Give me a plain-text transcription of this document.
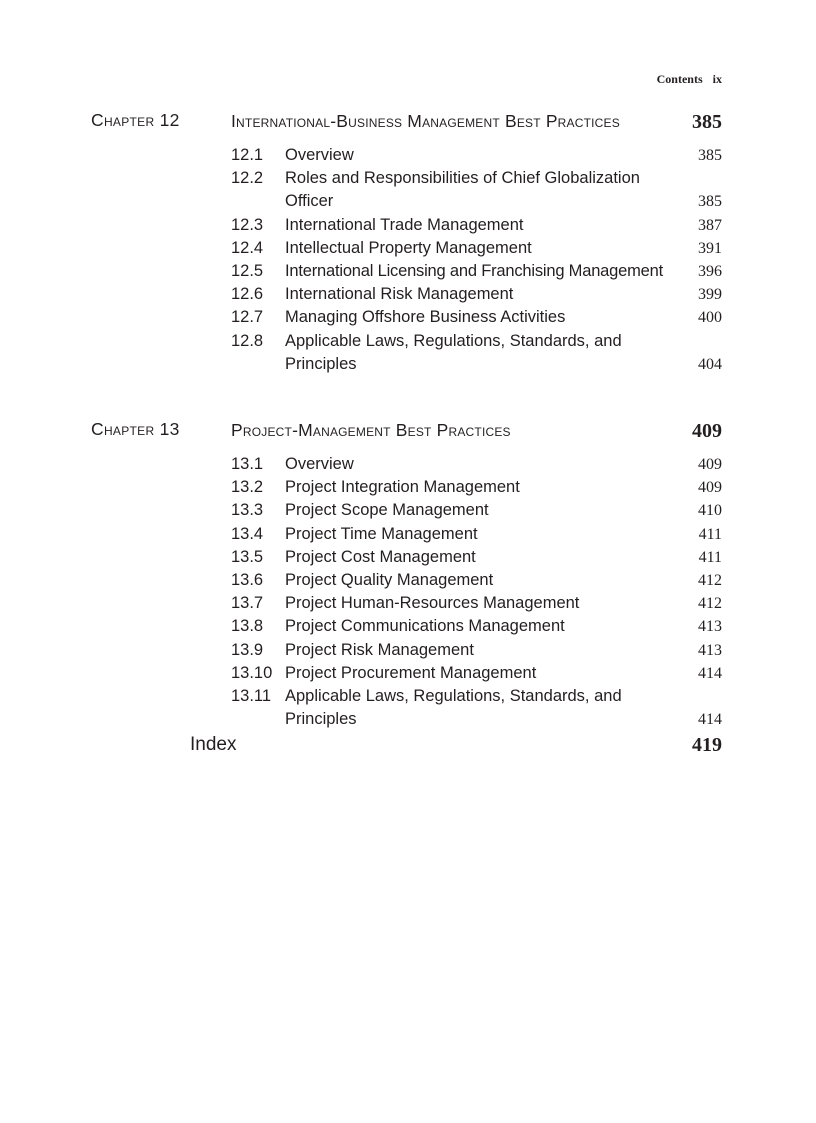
Contents ix
Chapter 12	International-Business Management Best Practices	385
12.1 Overview	385
12.2 Roles and Responsibilities of Chief Globalization Officer	385
12.3 International Trade Management	387
12.4 Intellectual Property Management	391
12.5 International Licensing and Franchising Management	396
12.6 International Risk Management	399
12.7 Managing Offshore Business Activities	400
12.8 Applicable Laws, Regulations, Standards, and Principles	404
Chapter 13	Project-Management Best Practices	409
13.1 Overview	409
13.2 Project Integration Management	409
13.3 Project Scope Management	410
13.4 Project Time Management	411
13.5 Project Cost Management	411
13.6 Project Quality Management	412
13.7 Project Human-Resources Management	412
13.8 Project Communications Management	413
13.9 Project Risk Management	413
13.10 Project Procurement Management	414
13.11 Applicable Laws, Regulations, Standards, and Principles	414
Index	419
